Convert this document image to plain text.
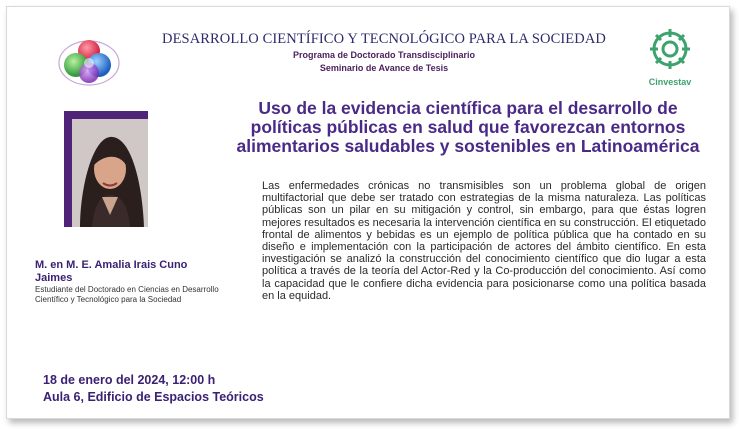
DESARROLLO CIENTÍFICO Y TECNOLÓGICO PARA LA SOCIEDAD
Programa de Doctorado Transdisciplinario
Seminario de Avance de Tesis
Cinvestav
Uso de la evidencia científica para el desarrollo de políticas públicas en salud que favorezcan entornos alimentarios saludables y sostenibles en Latinoamérica
M. en M. E. Amalia Irais Cuno Jaimes
Estudiante del Doctorado en Ciencias en Desarrollo Científico y Tecnológico para la Sociedad
Las enfermedades crónicas no transmisibles son un problema global de origen multifactorial que debe ser tratado con estrategias de la misma naturaleza. Las políticas públicas son un pilar en su mitigación y control, sin embargo, para que éstas logren mejores resultados es necesaria la intervención científica en su construcción. El etiquetado frontal de alimentos y bebidas es un ejemplo de política pública que ha contado en su diseño e implementación con la participación de actores del ámbito científico. En esta investigación se analizó la construcción del conocimiento científico que dio lugar a esta política a través de la teoría del Actor-Red y la Co-producción del conocimiento. Así como la capacidad que le confiere dicha evidencia para posicionarse como una política basada en la equidad.
18 de enero del 2024, 12:00 h
Aula 6, Edificio de Espacios Teóricos
